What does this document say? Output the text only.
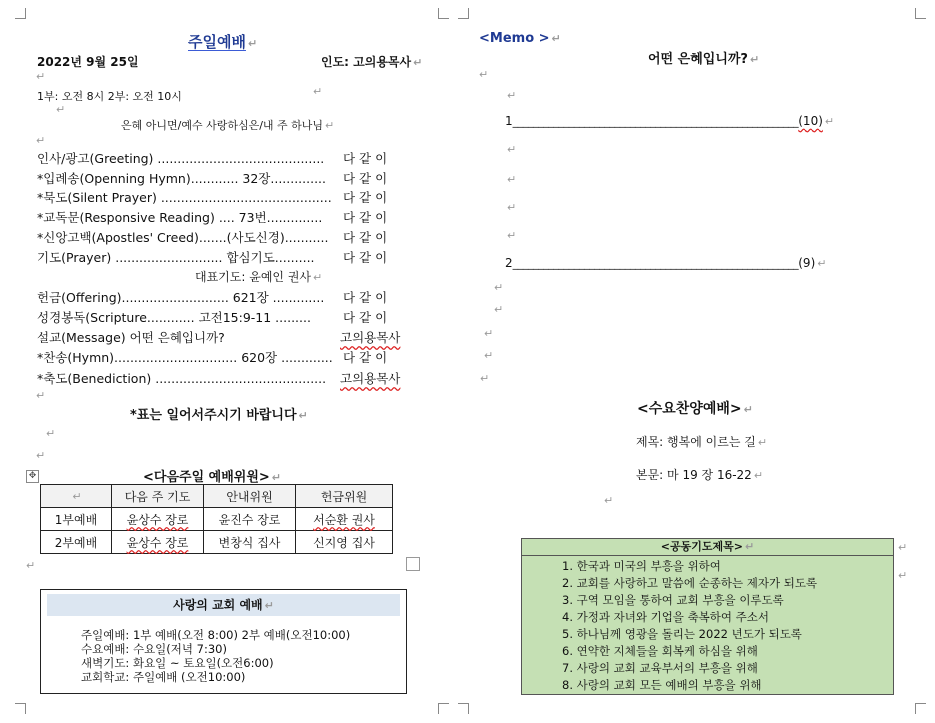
주일예배 ↵
2022년 9월 25일	인도: 고의용목사 ↵
↵
1부: 오전 8시 2부: 오전 10시	↵
↵
은혜 아니면/예수 사랑하심은/내 주 하나님 ↵
↵
인사/광고(Greeting) .......................................... 다 같 이
*입례송(Openning Hymn)............ 32장.............. 다 같 이
*묵도(Silent Prayer) ........................................... 다 같 이
*교독문(Responsive Reading) .... 73번.............. 다 같 이
*신앙고백(Apostles' Creed).......(사도신경)........... 다 같 이
기도(Prayer) ........................... 합심기도.......... 다 같 이
대표기도: 윤예인 권사 ↵
헌금(Offering)........................... 621장 ............. 다 같 이
성경봉독(Scripture............ 고전15:9-11 .........	다 같 이
설교(Message) 어떤 은혜입니까?	고의용목사
*찬송(Hymn)............................... 620장 ............. 다 같 이
*축도(Benediction) ........................................... 고의용목사
↵
*표는 일어서주시기 바랍니다 ↵
↵
↵
✥	<다음주일 예배위원> ↵
↵	다음 주 기도	안내위원	헌금위원
1부예배	윤상수 장로	윤진수 장로	서순환 권사
2부예배	윤상수 장로	변창식 집사	신지영 집사
↵
사랑의 교회 예배 ↵
주일예배: 1부 예배(오전 8:00) 2부 예배(오전10:00)
수요예배: 수요일(저녁 7:30)
새벽기도: 화요일 ~ 토요일(오전6:00)
교회학교: 주일예배 (오전10:00)
<Memo > ↵
어떤 은혜입니까? ↵
↵
↵
1________________________________________________________(10) ↵
↵
↵
↵
↵
2________________________________________________________(9) ↵
↵
↵
↵
↵
↵
<수요찬양예배> ↵
제목: 행복에 이르는 길 ↵
본문: 마 19 장 16-22 ↵
↵
<공동기도제목> ↵
1. 한국과 미국의 부흥을 위하여
2. 교회를 사랑하고 말씀에 순종하는 제자가 되도록
3. 구역 모임을 통하여 교회 부흥을 이루도록
4. 가정과 자녀와 기업을 축복하여 주소서
5. 하나님께 영광을 돌리는 2022 년도가 되도록
6. 연약한 지체들을 회복케 하심을 위해
7. 사랑의 교회 교육부서의 부흥을 위해
8. 사랑의 교회 모든 예배의 부흥을 위해
↵
↵
